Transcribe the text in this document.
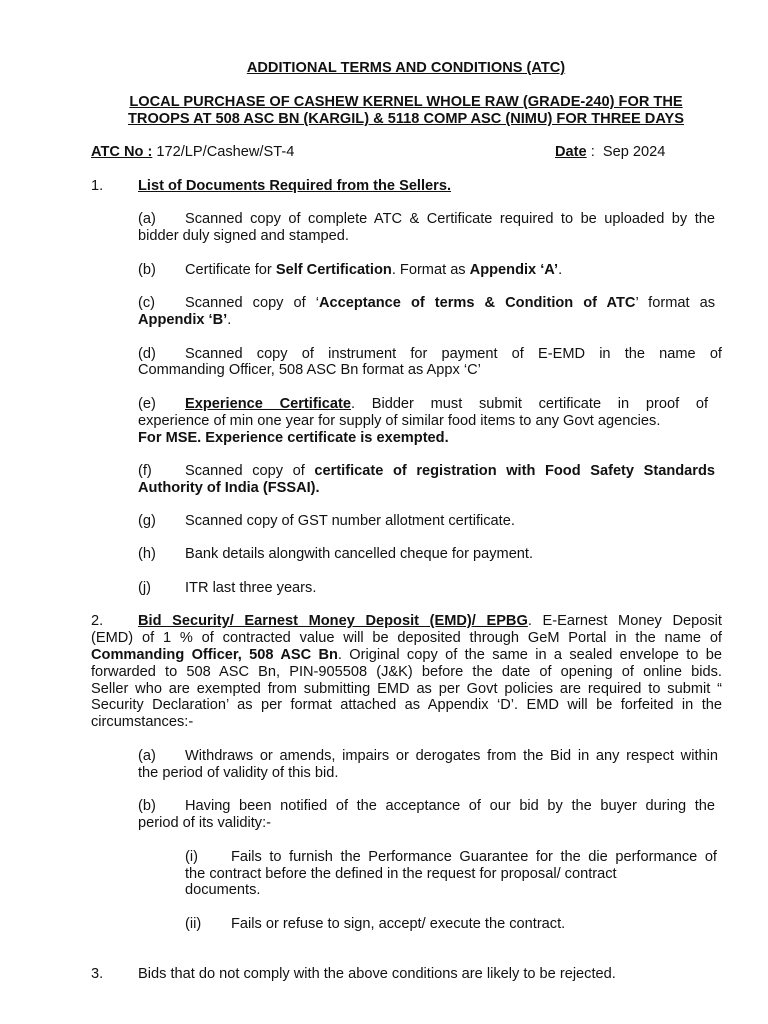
ADDITIONAL TERMS AND CONDITIONS (ATC)
LOCAL PURCHASE OF CASHEW KERNEL WHOLE RAW (GRADE-240) FOR THE
TROOPS AT 508 ASC BN (KARGIL) & 5118 COMP ASC (NIMU) FOR THREE DAYS
ATC No : 172/LP/Cashew/ST-4	Date : Sep 2024
1. List of Documents Required from the Sellers.
(a) Scanned copy of complete ATC & Certificate required to be uploaded by the
bidder duly signed and stamped.
(b) Certificate for Self Certification. Format as Appendix ‘A’.
(c) Scanned copy of ‘Acceptance of terms & Condition of ATC’ format as
Appendix ‘B’.
(d) Scanned copy of instrument for payment of E-EMD in the name of
Commanding Officer, 508 ASC Bn format as Appx ‘C’
(e) Experience Certificate. Bidder must submit certificate in proof of
experience of min one year for supply of similar food items to any Govt agencies.
For MSE. Experience certificate is exempted.
(f) Scanned copy of certificate of registration with Food Safety Standards
Authority of India (FSSAI).
(g) Scanned copy of GST number allotment certificate.
(h) Bank details alongwith cancelled cheque for payment.
(j) ITR last three years.
2. Bid Security/ Earnest Money Deposit (EMD)/ EPBG. E-Earnest Money Deposit
(EMD) of 1 % of contracted value will be deposited through GeM Portal in the name of
Commanding Officer, 508 ASC Bn. Original copy of the same in a sealed envelope to be
forwarded to 508 ASC Bn, PIN-905508 (J&K) before the date of opening of online bids.
Seller who are exempted from submitting EMD as per Govt policies are required to submit “
Security Declaration’ as per format attached as Appendix ‘D’. EMD will be forfeited in the
circumstances:-
(a) Withdraws or amends, impairs or derogates from the Bid in any respect within
the period of validity of this bid.
(b) Having been notified of the acceptance of our bid by the buyer during the
period of its validity:-
(i) Fails to furnish the Performance Guarantee for the die performance of
the contract before the defined in the request for proposal/ contract
documents.
(ii) Fails or refuse to sign, accept/ execute the contract.
3. Bids that do not comply with the above conditions are likely to be rejected.
